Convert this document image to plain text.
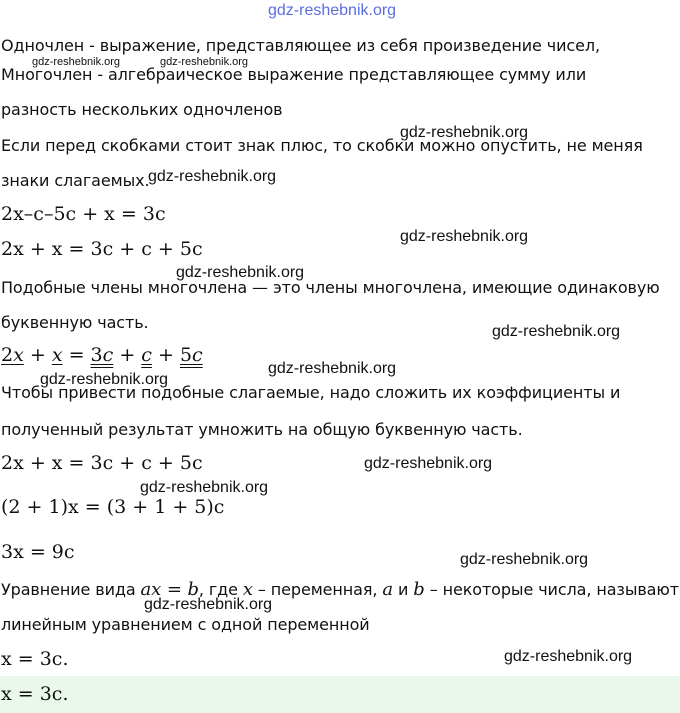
gdz-reshebnik.org
Одночлен - выражение, представляющее из себя произведение чисел,
gdz-reshebnik.org	gdz-reshebnik.org
Многочлен - алгебраическое выражение представляющее сумму или
разность нескольких одночленов
gdz-reshebnik.org
Если перед скобками стоит знак плюс, то скобки можно опустить, не меняя
знаки слагаемых.
gdz-reshebnik.org
2x–c–5c + x = 3c
2x + x = 3c + c + 5c
gdz-reshebnik.org
gdz-reshebnik.org
Подобные члены многочлена — это члены многочлена, имеющие одинаковую
буквенную часть.	gdz-reshebnik.org
2x + x = 3c + c + 5c
gdz-reshebnik.org
gdz-reshebnik.org
Чтобы привести подобные слагаемые, надо сложить их коэффициенты и
полученный результат умножить на общую буквенную часть.
2x + x = 3c + c + 5c	gdz-reshebnik.org
gdz-reshebnik.org
(2 + 1)x = (3 + 1 + 5)c
3x = 9c	gdz-reshebnik.org
Уравнение вида ax = b, где x – переменная, a и b – некоторые числа, называют
gdz-reshebnik.org
линейным уравнением с одной переменной
x = 3c.	gdz-reshebnik.org
x = 3c.
